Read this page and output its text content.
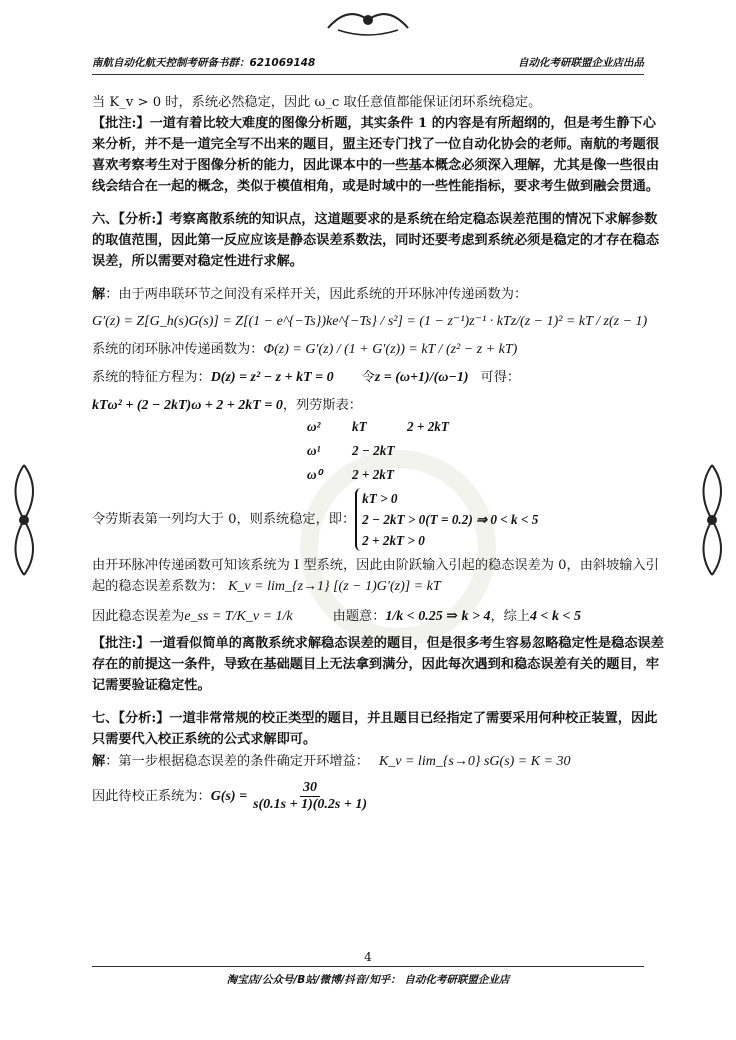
南航自动化航天控制考研备书群：621069148	自动化考研联盟企业店出品

当 K_v > 0 时，系统必然稳定，因此 ω_c 取任意值都能保证闭环系统稳定。

【批注:】一道有着比较大难度的图像分析题，其实条件 1 的内容是有所超纲的，但是考生静下心来分析，并不是一道完全写不出来的题目，盟主还专门找了一位自动化协会的老师。南航的考题很喜欢考察考生对于图像分析的能力，因此课本中的一些基本概念必须深入理解，尤其是像一些很由线会结合在一起的概念，类似于模值相角，或是时域中的一些性能指标，要求考生做到融会贯通。

六、【分析:】考察离散系统的知识点，这道题要求的是系统在给定稳态误差范围的情况下求解参数的取值范围，因此第一反应应该是静态误差系数法，同时还要考虑到系统必须是稳定的才存在稳态误差，所以需要对稳定性进行求解。

解：由于两串联环节之间没有采样开关，因此系统的开环脉冲传递函数为：

G′(z) = Z[G_h(s)G(s)] = Z[(1 − e^{−Ts})ke^{−Ts} / s²] = (1 − z⁻¹)z⁻¹ · kTz/(z − 1)² = kT / z(z − 1)

系统的闭环脉冲传递函数为： Φ(z) = G′(z) / (1 + G′(z)) = kT / (z² − z + kT)
系统的特征方程为： D(z) = z² − z + kT = 0 令 z = (ω+1)/(ω−1) 可得：
kTω² + (2 − 2kT)ω + 2 + 2kT = 0 ，列劳斯表：
ω²	kT	2 + 2kT
ω¹	2 − 2kT
ω⁰	2 + 2kT
令劳斯表第一列均大于 0，则系统稳定，即：
kT > 0
2 − 2kT > 0(T = 0.2) ⇒ 0 < k < 5
2 + 2kT > 0

由开环脉冲传递函数可知该系统为 I 型系统，因此由阶跃输入引起的稳态误差为 0，由斜坡输入引起的稳态误差系数为： K_v = lim_{z→1} [(z − 1)G′(z)] = kT

因此稳态误差为 e_ss = T/K_v = 1/k	由题意： 1/k < 0.25 ⇒ k > 4 ，综上 4 < k < 5

【批注:】一道看似简单的离散系统求解稳态误差的题目，但是很多考生容易忽略稳定性是稳态误差存在的前提这一条件，导致在基础题目上无法拿到满分，因此每次遇到和稳态误差有关的题目，牢记需要验证稳定性。

七、【分析:】一道非常常规的校正类型的题目，并且题目已经指定了需要采用何种校正装置，因此只需要代入校正系统的公式求解即可。

解 ：第一步根据稳态误差的条件确定开环增益： K_v = lim_{s→0} sG(s) = K = 30
因此待校正系统为： $G(s) = \frac{30}{s(0.1s + 1)(0.2s + 1)}$
4
淘宝店/公众号/B站/微博/抖音/知乎： 自动化考研联盟企业店
